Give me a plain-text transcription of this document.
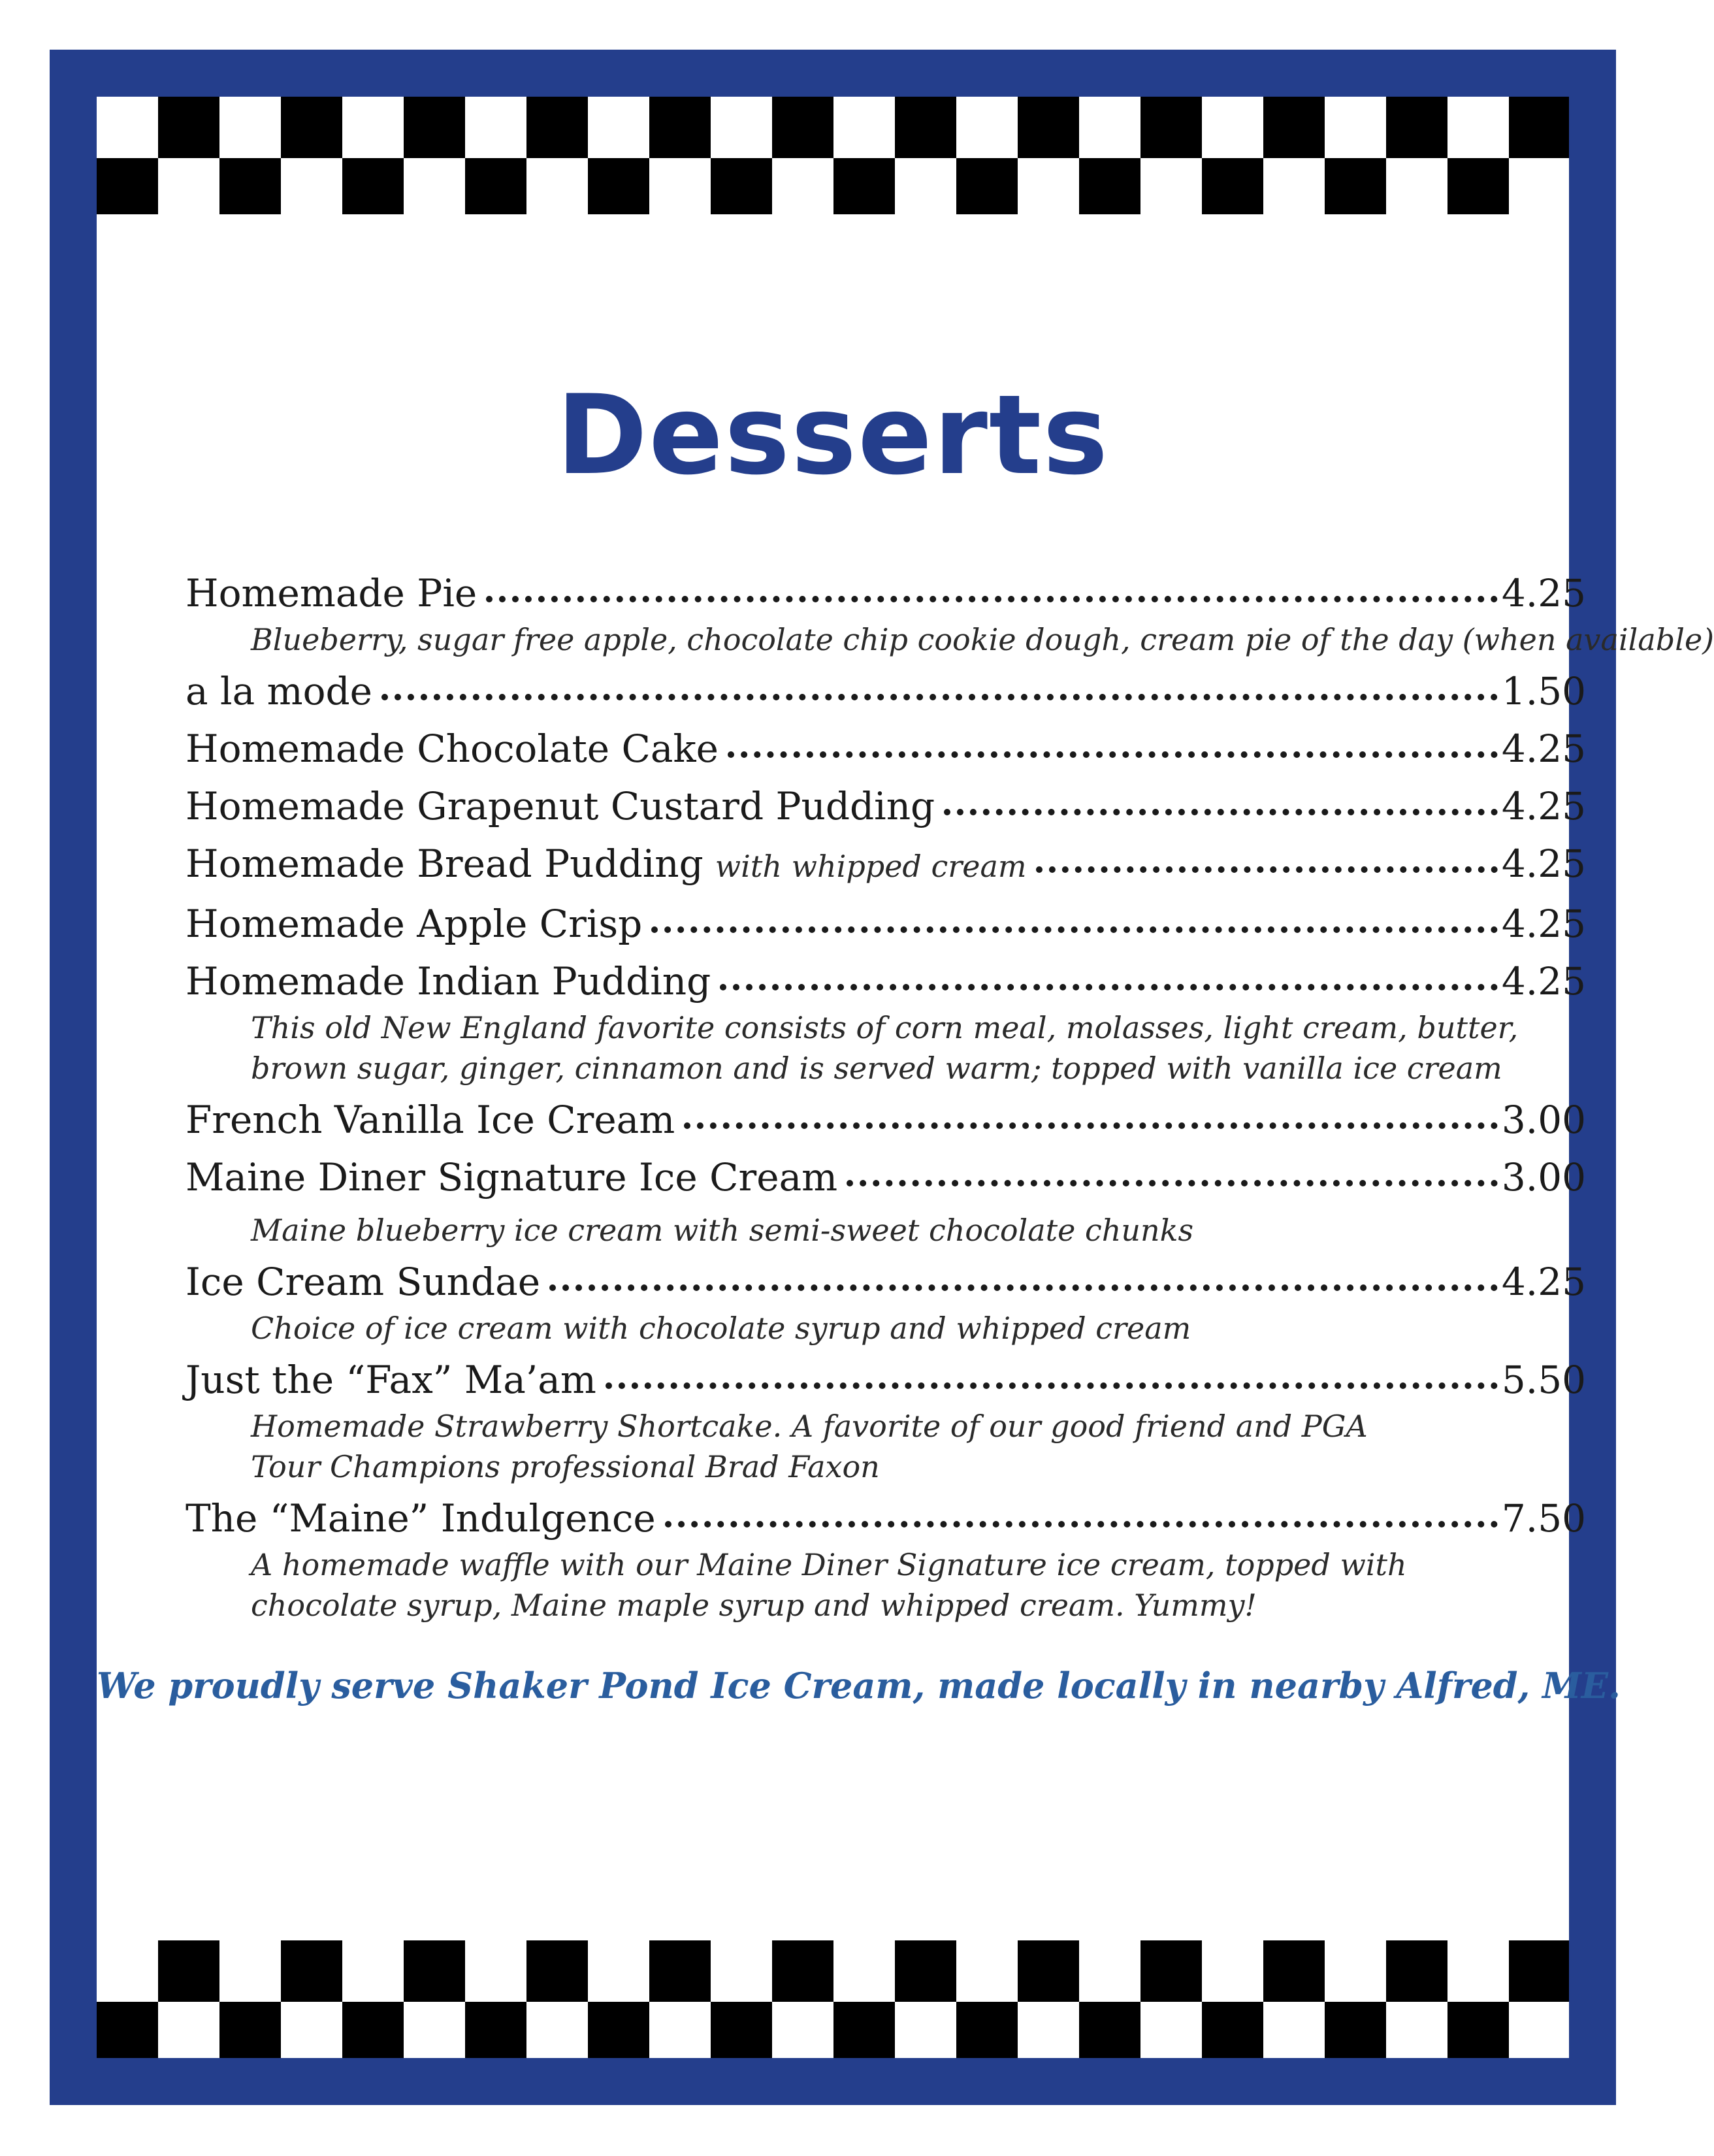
Desserts
Homemade Pie	4.25
Blueberry, sugar free apple, chocolate chip cookie dough, cream pie of the day (when available)
a la mode	1.50
Homemade Chocolate Cake	4.25
Homemade Grapenut Custard Pudding	4.25
Homemade Bread Pudding with whipped cream	4.25
Homemade Apple Crisp	4.25
Homemade Indian Pudding	4.25
This old New England favorite consists of corn meal, molasses, light cream, butter,
brown sugar, ginger, cinnamon and is served warm; topped with vanilla ice cream
French Vanilla Ice Cream	3.00
Maine Diner Signature Ice Cream	3.00
Maine blueberry ice cream with semi-sweet chocolate chunks
Ice Cream Sundae	4.25
Choice of ice cream with chocolate syrup and whipped cream
Just the “Fax” Ma’am	5.50
Homemade Strawberry Shortcake. A favorite of our good friend and PGA
Tour Champions professional Brad Faxon
The “Maine” Indulgence	7.50
A homemade waffle with our Maine Diner Signature ice cream, topped with
chocolate syrup, Maine maple syrup and whipped cream. Yummy!
We proudly serve Shaker Pond Ice Cream, made locally in nearby Alfred, ME.
